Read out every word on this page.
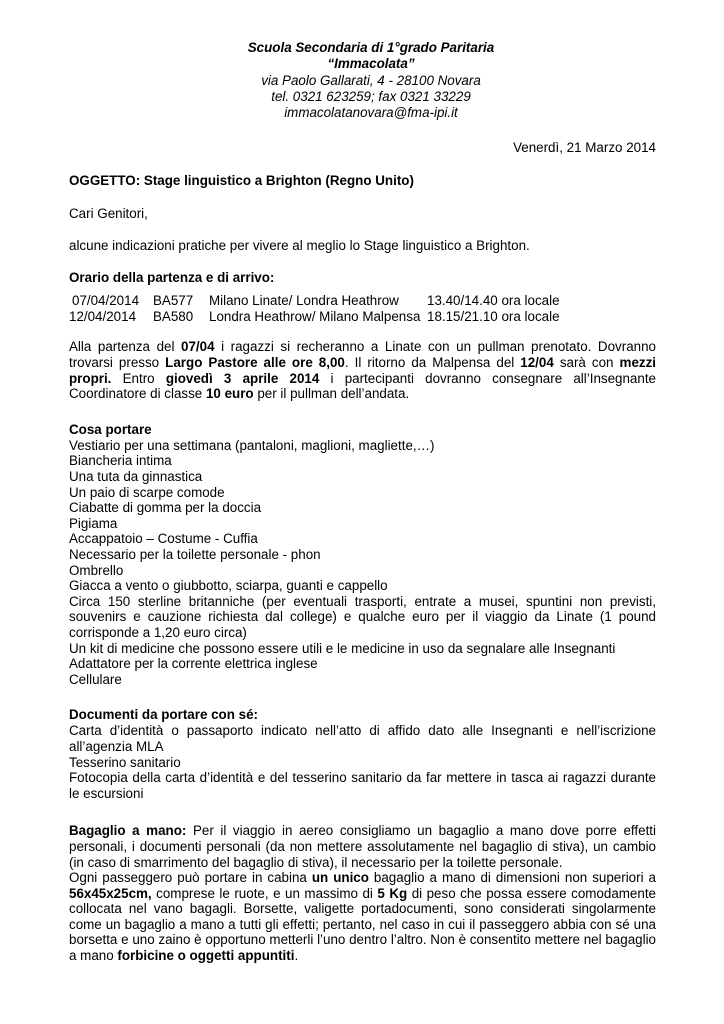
Scuola Secondaria di 1°grado Paritaria
“Immacolata”
via Paolo Gallarati, 4 - 28100 Novara
tel. 0321 623259; fax 0321 33229
immacolatanovara@fma-ipi.it
Venerdì, 21 Marzo 2014
OGGETTO: Stage linguistico a Brighton (Regno Unito)
Cari Genitori,
alcune indicazioni pratiche per vivere al meglio lo Stage linguistico a Brighton.
Orario della partenza e di arrivo:
07/04/2014	BA577	Milano Linate/ Londra Heathrow	13.40/14.40 ora locale
12/04/2014	BA580	Londra Heathrow/ Milano Malpensa	18.15/21.10 ora locale

Alla partenza del 07/04 i ragazzi si recheranno a Linate con un pullman prenotato. Dovranno trovarsi presso Largo Pastore alle ore 8,00. Il ritorno da Malpensa del 12/04 sarà con mezzi propri. Entro giovedì 3 aprile 2014 i partecipanti dovranno consegnare all’Insegnante Coordinatore di classe 10 euro per il pullman dell’andata.

Cosa portare
Vestiario per una settimana (pantaloni, maglioni, magliette,…)
Biancheria intima
Una tuta da ginnastica
Un paio di scarpe comode
Ciabatte di gomma per la doccia
Pigiama
Accappatoio – Costume - Cuffia
Necessario per la toilette personale - phon
Ombrello
Giacca a vento o giubbotto, sciarpa, guanti e cappello
Circa 150 sterline britanniche (per eventuali trasporti, entrate a musei, spuntini non previsti, souvenirs e cauzione richiesta dal college) e qualche euro per il viaggio da Linate (1 pound corrisponde a 1,20 euro circa)
Un kit di medicine che possono essere utili e le medicine in uso da segnalare alle Insegnanti
Adattatore per la corrente elettrica inglese
Cellulare
Documenti da portare con sé:
Carta d’identità o passaporto indicato nell’atto di affido dato alle Insegnanti e nell’iscrizione all’agenzia MLA
Tesserino sanitario
Fotocopia della carta d’identità e del tesserino sanitario da far mettere in tasca ai ragazzi durante le escursioni

Bagaglio a mano: Per il viaggio in aereo consigliamo un bagaglio a mano dove porre effetti personali, i documenti personali (da non mettere assolutamente nel bagaglio di stiva), un cambio (in caso di smarrimento del bagaglio di stiva), il necessario per la toilette personale.

Ogni passeggero può portare in cabina un unico bagaglio a mano di dimensioni non superiori a 56x45x25cm, comprese le ruote, e un massimo di 5 Kg di peso che possa essere comodamente collocata nel vano bagagli. Borsette, valigette portadocumenti, sono considerati singolarmente come un bagaglio a mano a tutti gli effetti; pertanto, nel caso in cui il passeggero abbia con sé una borsetta e uno zaino è opportuno metterli l’uno dentro l’altro. Non è consentito mettere nel bagaglio a mano forbicine o oggetti appuntiti.
